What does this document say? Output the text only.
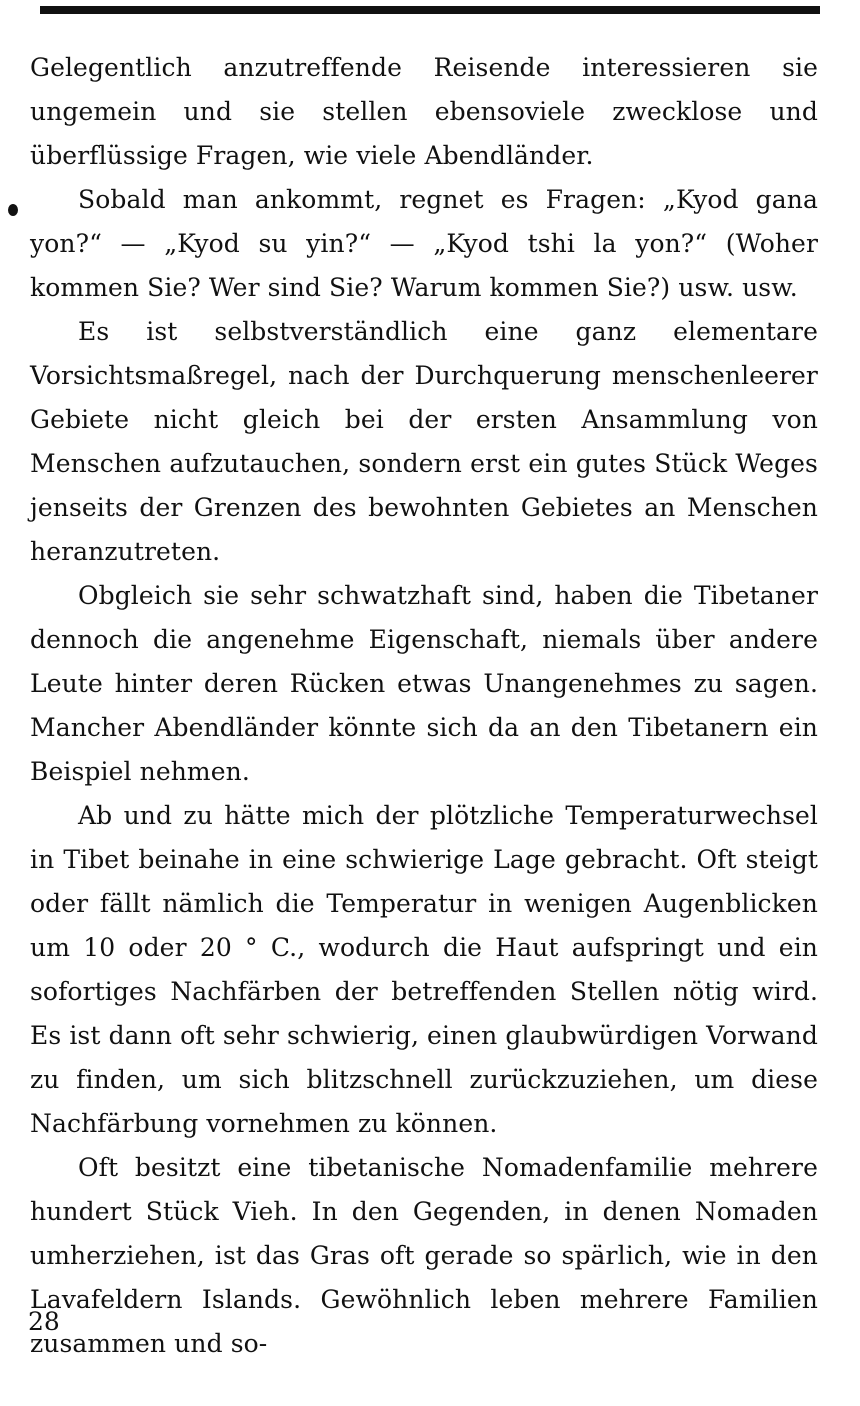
Gelegentlich anzutreffende Reisende interessieren sie ungemein und sie stellen ebensoviele zwecklose und überflüssige Fragen, wie viele Abendländer.

Sobald man ankommt, regnet es Fragen: „Kyod gana yon?“ — „Kyod su yin?“ — „Kyod tshi la yon?“ (Woher kommen Sie? Wer sind Sie? Warum kommen Sie?) usw. usw.

Es ist selbstverständlich eine ganz elementare Vorsichtsmaßregel, nach der Durchquerung menschenleerer Gebiete nicht gleich bei der ersten Ansammlung von Menschen aufzutauchen, sondern erst ein gutes Stück Weges jenseits der Grenzen des bewohnten Gebietes an Menschen heranzutreten.

Obgleich sie sehr schwatzhaft sind, haben die Tibetaner dennoch die angenehme Eigenschaft, niemals über andere Leute hinter deren Rücken etwas Unangenehmes zu sagen. Mancher Abendländer könnte sich da an den Tibetanern ein Beispiel nehmen.

Ab und zu hätte mich der plötzliche Temperaturwechsel in Tibet beinahe in eine schwierige Lage gebracht. Oft steigt oder fällt nämlich die Temperatur in wenigen Augenblicken um 10 oder 20 ° C., wodurch die Haut aufspringt und ein sofortiges Nachfärben der betreffenden Stellen nötig wird. Es ist dann oft sehr schwierig, einen glaubwürdigen Vorwand zu finden, um sich blitzschnell zurückzuziehen, um diese Nachfärbung vornehmen zu können.

Oft besitzt eine tibetanische Nomadenfamilie mehrere hundert Stück Vieh. In den Gegenden, in denen Nomaden umherziehen, ist das Gras oft gerade so spärlich, wie in den Lavafeldern Islands. Gewöhnlich leben mehrere Familien zusammen und so-

28
